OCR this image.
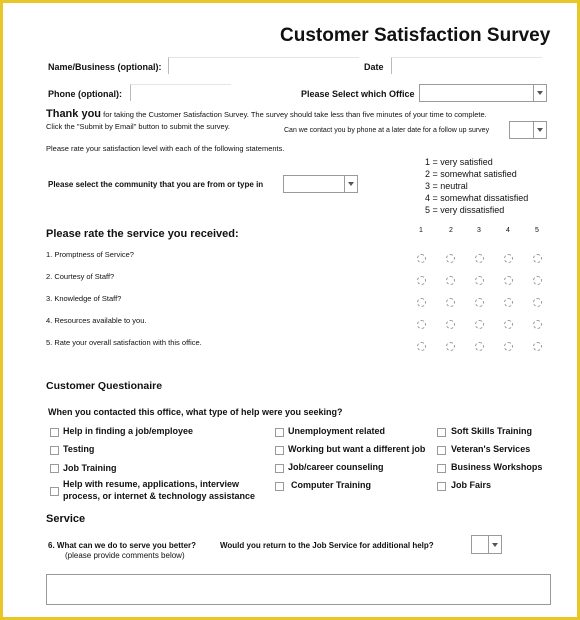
Customer Satisfaction Survey
Name/Business (optional):	Date
Phone (optional):	Please Select which Office
Thank you for taking the Customer Satisfaction Survey. The survey should take less than five minutes of your time to complete.
Click the "Submit by Email" button to submit the survey.	Can we contact you by phone at a later date for a follow up survey
Please rate your satisfaction level with each of the following statements.
1 = very satisfied
2 = somewhat satisfied
3 = neutral
4 = somewhat dissatisfied
5 = very dissatisfied
Please select the community that you are from or type in
Please rate the service you received:	1	2	3	4	5
1. Promptness of Service?
2. Courtesy of Staff?
3. Knowledge of Staff?
4. Resources available to you.
5. Rate your overall satisfaction with this office.
Customer Questionaire
When you contacted this office, what type of help were you seeking?
Help in finding a job/employee
Testing
Job Training
Help with resume, applications, interview
process, or internet & technology assistance
Unemployment related
Working but want a different job
Job/career counseling
Computer Training
Soft Skills Training
Veteran's Services
Business Workshops
Job Fairs
Service
6. What can we do to serve you better?
(please provide comments below)
Would you return to the Job Service for additional help?
